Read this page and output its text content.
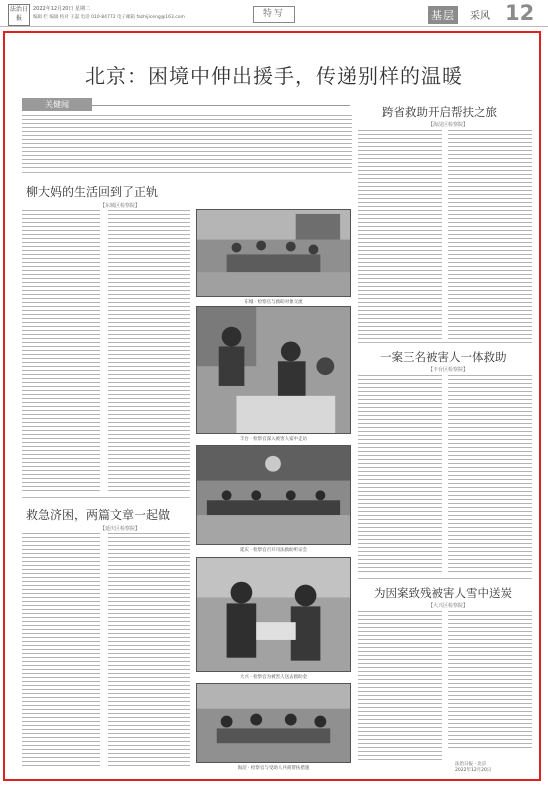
法治日报
2022年12月20日 星期二
编辑 栏 编辑 校对 王磊 电话 010-84772 电子邮箱 fazhijiceng@163.com	特写	基层	采风 12
北京：困境中伸出援手，传递别样的温暖
关健闻
柳大妈的生活回到了正轨
【东城区检察院】
救急济困，两篇文章一起做
【延庆区检察院】
东城 · 检察官与救助对象交流
丰台 · 检察官深入被害人家中走访
延庆 · 检察官召开司法救助听证会
大兴 · 检察官为被害人送去救助金
海淀 · 检察官与受助人共商帮扶措施
跨省救助开启帮扶之旅
【海淀区检察院】
一案三名被害人一体救助
【丰台区检察院】
为因案致残被害人雪中送炭
【大兴区检察院】
法治日报 · 北京
2022年12月20日
